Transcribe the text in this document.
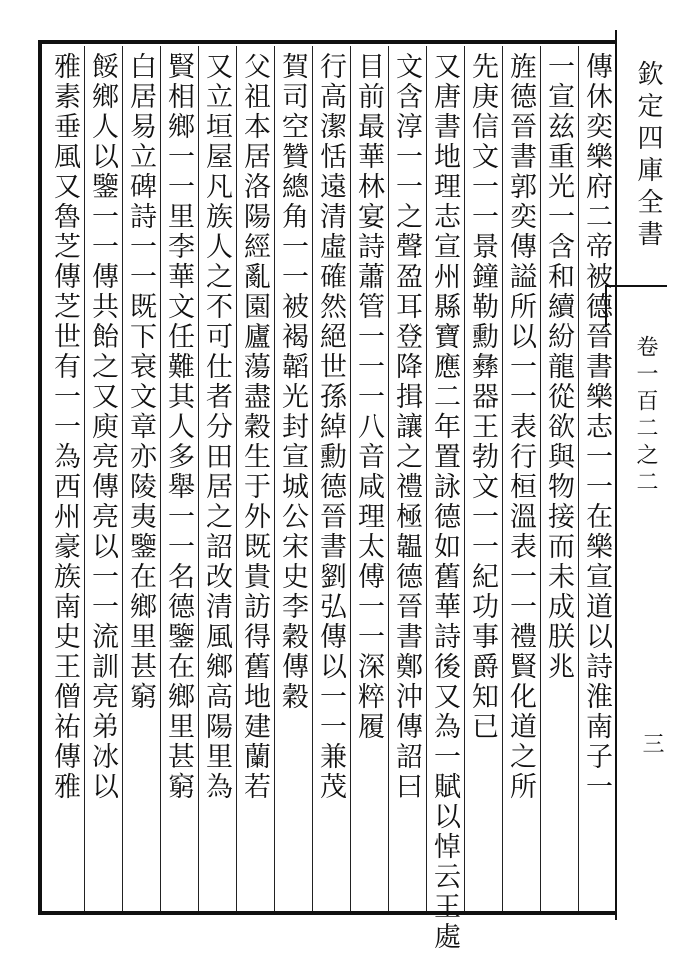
欽定四庫全書
卷一百二之二
三
傳休奕樂府二帝被德晉書樂志一一在樂宣道以詩淮南子一
一宣兹重光一含和續紛龍從欲與物接而未成朕兆
旌德晉書郭奕傳謚所以一一表行桓溫表一一禮賢化道之所
先庚信文一一景鐘勒勳彝器王勃文一一紀功事爵知已
又唐書地理志宣州縣寶應二年置詠德如舊華詩後又為一賦以悼云王處
文含淳一一之聲盈耳登降揖讓之禮極韞德晉書鄭沖傳詔曰
目前最華林宴詩蕭管一一一八音咸理太傅一一深粹履
行高潔恬遠清虛確然絕世孫綽勳德晉書劉弘傳以一一兼茂
賀司空贊總角一一被褐韜光封宣城公宋史李穀傳穀
父祖本居洛陽經亂園廬蕩盡穀生于外既貴訪得舊地建蘭若
又立垣屋凡族人之不可仕者分田居之詔改清風鄉高陽里為
賢相鄉一一里李華文任難其人多舉一一名德鑒在鄉里甚窮
白居易立碑詩一一既下衰文章亦陵夷鑒在鄉里甚窮
餒鄉人以鑒一一傳共飴之又庾亮傳亮以一一流訓亮弟冰以
雅素垂風又魯芝傳芝世有一一為西州豪族南史王僧祐傳雅
